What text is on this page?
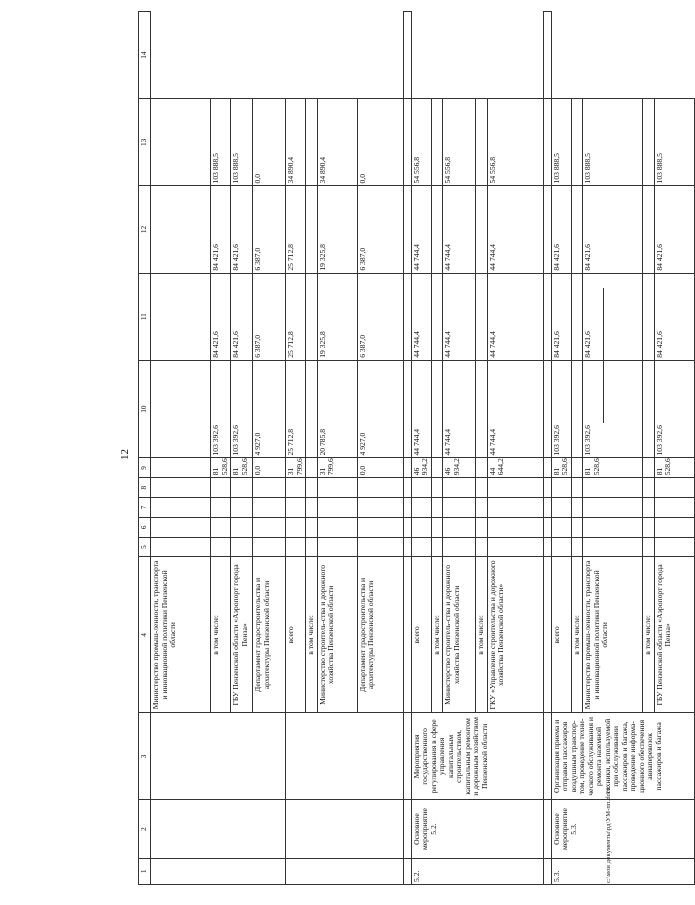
12
1	2	3	4	5	6	7	8	9	10	11	12	13	14
			Министерство промыш-ленности, транспорта и инновационной политики Пензенской области										
			в том числе:					81 528,6	103 392,6	84 421,6	84 421,6	103 888,5	
			ГБУ Пензенской области «Аэропорт города Пенза»					81 528,6	103 392,6	84 421,6	84 421,6	103 888,5	
			Департамент градостроительства и архитектуры Пензенской области					0,0	4 927,0	6 387,0	6 387,0	0,0	
			всего					31 799,6	25 712,8	25 712,8	25 712,8	34 890,4	
			в том числе:										
			Министерство строитель-ства и дорожного хозяйства Пензенской области					31 799,6	20 785,8	19 325,8	19 325,8	34 890,4	
			Департамент градостроительства и архитектуры Пензенской области					0,0	4 927,0	6 387,0	6 387,0	0,0	

5.2.	Основное мероприятие 5.2.	Мероприятия государственного регулирования в сфере управления капитальным строительством, капитальным ремонтом и дорожным хозяйством Пензенской области	всего					46 934,2	44 744,4	44 744,4	44 744,4	54 556,8	
			в том числе:										
			Министерство строитель-ства и дорожного хозяйства Пензенской области					46 934,2	44 744,4	44 744,4	44 744,4	54 556,8	
			в том числе:										
			ГКУ «Управление строительства и дорожного хозяйства Пензенской области»					44 644,2	44 744,4	44 744,4	44 744,4	54 556,8	

5.3.	Основное мероприятие 5.3.	Организация приема и отправки пассажиров воздушным транспор-том, проведение техни-ческого обслуживания и ремонта наземной техники, используемой при обслуживании пассажиров и багажа, проведение информа-ционного обеспечения авиаперевозок пассажиров и багажа	всего					81 528,6	103 392,6	84 421,6	84 421,6	103 888,5	
			в том числе:										
			Министерство промыш-ленности, транспорта и инновационной политики Пензенской области					81 528,6	103 392,6	84 421,6	84 421,6	103 888,5	
			в том числе:										
			ГБУ Пензенской области «Аэропорт города Пенза»					81 528,6	103 392,6	84 421,6	84 421,6	103 888,5	
c:\мои документы\рд\УМ-пп.docx
